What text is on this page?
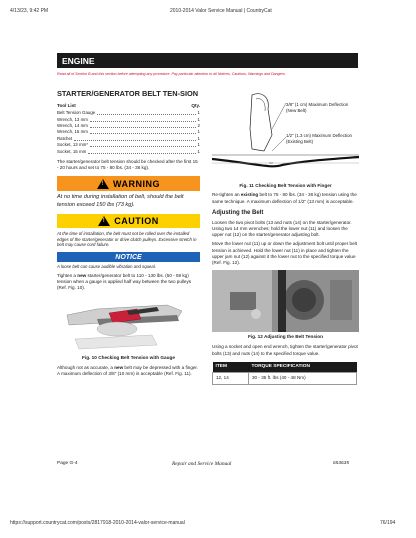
4/13/23, 9:42 PM	2010-2014 Valor Service Manual | CountryCat
ENGINE
Read all of Section B and this section before attempting any procedure. Pay particular attention to all Notices, Cautions, Warnings and Dangers.
STARTER/GENERATOR BELT TEN-SION
Tool List	Qty.
Belt Tension Gauge	1
Wrench, 13 mm	1
Wrench, 14 mm	2
Wrench, 15 mm	1
Ratchet	1
Socket, 13 mm*	1
Socket, 15 mm	1

The starter/generator belt tension should be checked after the first 15 - 20 hours and set to 75 - 80 lbs. (34 - 36 kg).

!
WARNING

At no time during installation of belt, should the belt tension exceed 150 lbs (73 kg).

!
CAUTION

At the time of installation, the belt must not be rolled over the installed edges of the starter/generator or drive clutch pulleys. Excessive stretch in belt may cause cord failure.

NOTICE

A loose belt can cause audible vibration and squeal.

Tighten a new starter/generator belt to 110 - 130 lbs. (50 - 59 kg) tension when a gauge is applied half way between the two pulleys (Ref. Fig. 10).

Fig. 10 Checking Belt Tension with Gauge

Although not as accurate, a new belt may be depressed with a finger. A maximum deflection of 3/8" (10 mm) is acceptable (Ref. Fig. 11).

3/8" (1 cm) Maximum Deflection (New Belt)
1/2" (1.3 cm) Maximum Deflection (Existing Belt)

Fig. 11 Checking Belt Tension with Finger

Re-tighten an existing belt to 75 - 80 lbs. (34 - 36 kg) tension using the same technique. A maximum deflection of 1/2" (13 mm) is acceptable.

Adjusting the Belt

Loosen the two pivot bolts (13 and nuts (14) on the starter/generator. Using two 14 mm wrenches; hold the lower nut (11) and loosen the upper nut (12) on the starter/generator adjusting bolt.

Move the lower nut (11) up or down the adjustment bolt until proper belt tension is achieved. Hold the lower nut (11) in place and tighten the upper jam nut (12) against it the lower nut to the specified torque value (Ref. Fig. 12).

Fig. 12 Adjusting the Belt Tension

Using a socket and open end wrench, tighten the starter/generator pivot bolts (13) and nuts (14) to the specified torque value.

ITEM	TORQUE SPECIFICATION
12, 14	30 - 35 ft. lbs (40 - 48 Nm)
Page G-4	Repair and Service Manual	653635
https://support.countrycat.com/posts/2817918-2010-2014-valor-service-manual	76/194
